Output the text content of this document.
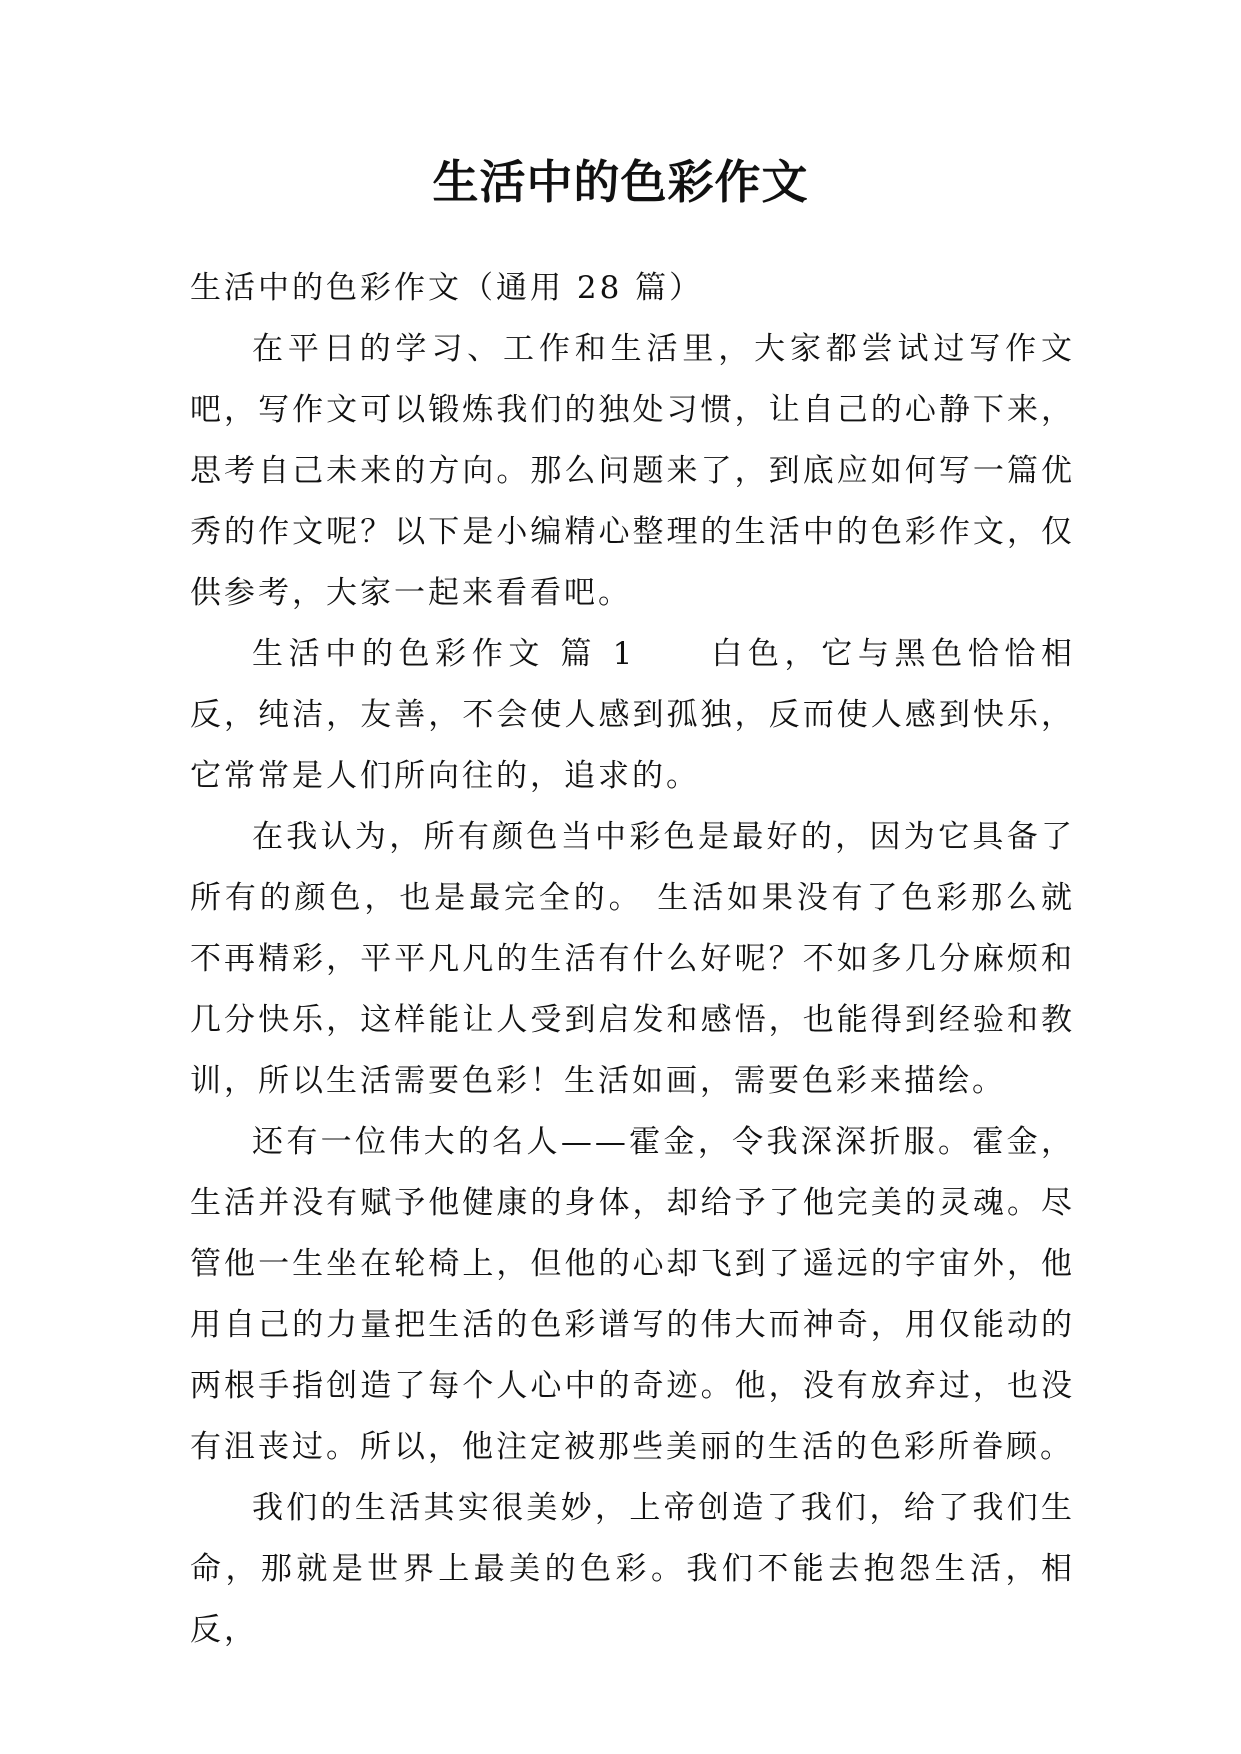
生活中的色彩作文

生活中的色彩作文（通用 28 篇）

在平日的学习、工作和生活里，大家都尝试过写作文吧，写作文可以锻炼我们的独处习惯，让自己的心静下来，思考自己未来的方向。那么问题来了，到底应如何写一篇优秀的作文呢？以下是小编精心整理的生活中的色彩作文，仅供参考，大家一起来看看吧。

生活中的色彩作文 篇 1　　白色，它与黑色恰恰相反，纯洁，友善，不会使人感到孤独，反而使人感到快乐，它常常是人们所向往的，追求的。

在我认为，所有颜色当中彩色是最好的，因为它具备了所有的颜色，也是最完全的。 生活如果没有了色彩那么就不再精彩，平平凡凡的生活有什么好呢？不如多几分麻烦和几分快乐，这样能让人受到启发和感悟，也能得到经验和教训，所以生活需要色彩！生活如画，需要色彩来描绘。

还有一位伟大的名人——霍金，令我深深折服。霍金，生活并没有赋予他健康的身体，却给予了他完美的灵魂。尽管他一生坐在轮椅上，但他的心却飞到了遥远的宇宙外，他用自己的力量把生活的色彩谱写的伟大而神奇，用仅能动的两根手指创造了每个人心中的奇迹。他，没有放弃过，也没有沮丧过。所以，他注定被那些美丽的生活的色彩所眷顾。

我们的生活其实很美妙，上帝创造了我们，给了我们生命，那就是世界上最美的色彩。我们不能去抱怨生活，相反，
